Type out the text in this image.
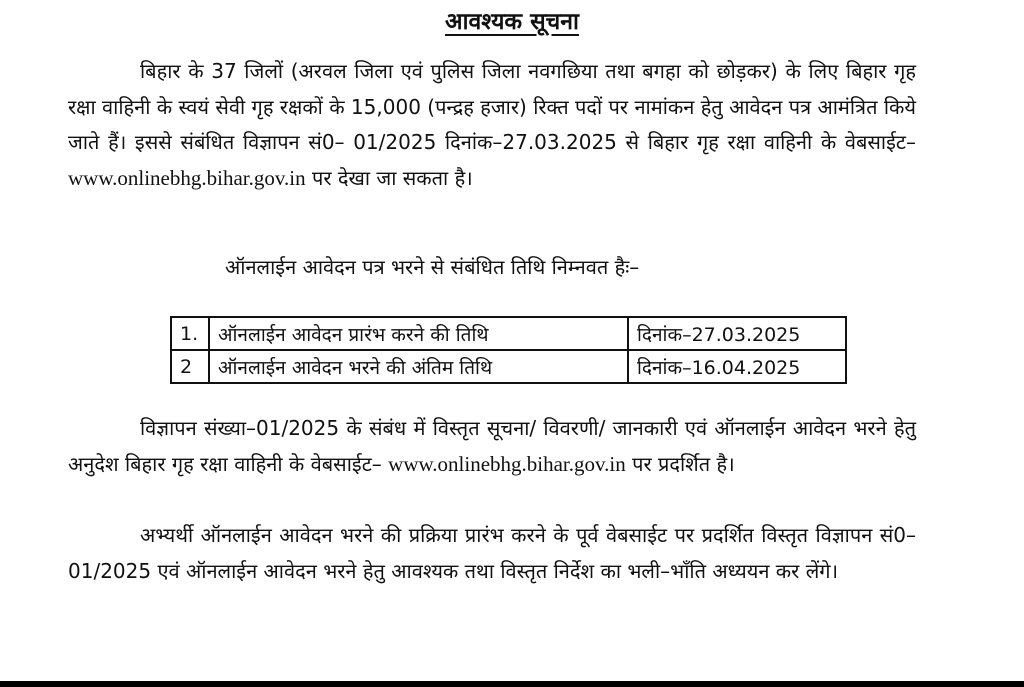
आवश्यक सूचना

बिहार के 37 जिलों (अरवल जिला एवं पुलिस जिला नवगछिया तथा बगहा को छोड़कर) के लिए बिहार गृह रक्षा वाहिनी के स्वयं सेवी गृह रक्षकों के 15,000 (पन्द्रह हजार) रिक्त पदों पर नामांकन हेतु आवेदन पत्र आमंत्रित किये जाते हैं। इससे संबंधित विज्ञापन सं0– 01/2025 दिनांक–27.03.2025 से बिहार गृह रक्षा वाहिनी के वेबसाईट– www.onlinebhg.bihar.gov.in पर देखा जा सकता है।

ऑनलाईन आवेदन पत्र भरने से संबंधित तिथि निम्नवत हैः–
1.	ऑनलाईन आवेदन प्रारंभ करने की तिथि	दिनांक–27.03.2025
2	ऑनलाईन आवेदन भरने की अंतिम तिथि	दिनांक–16.04.2025

विज्ञापन संख्या–01/2025 के संबंध में विस्तृत सूचना/ विवरणी/ जानकारी एवं ऑनलाईन आवेदन भरने हेतु अनुदेश बिहार गृह रक्षा वाहिनी के वेबसाईट– www.onlinebhg.bihar.gov.in पर प्रदर्शित है।

अभ्यर्थी ऑनलाईन आवेदन भरने की प्रक्रिया प्रारंभ करने के पूर्व वेबसाईट पर प्रदर्शित विस्तृत विज्ञापन सं0–01/2025 एवं ऑनलाईन आवेदन भरने हेतु आवश्यक तथा विस्तृत निर्देश का भली–भाँति अध्ययन कर लेंगे।
